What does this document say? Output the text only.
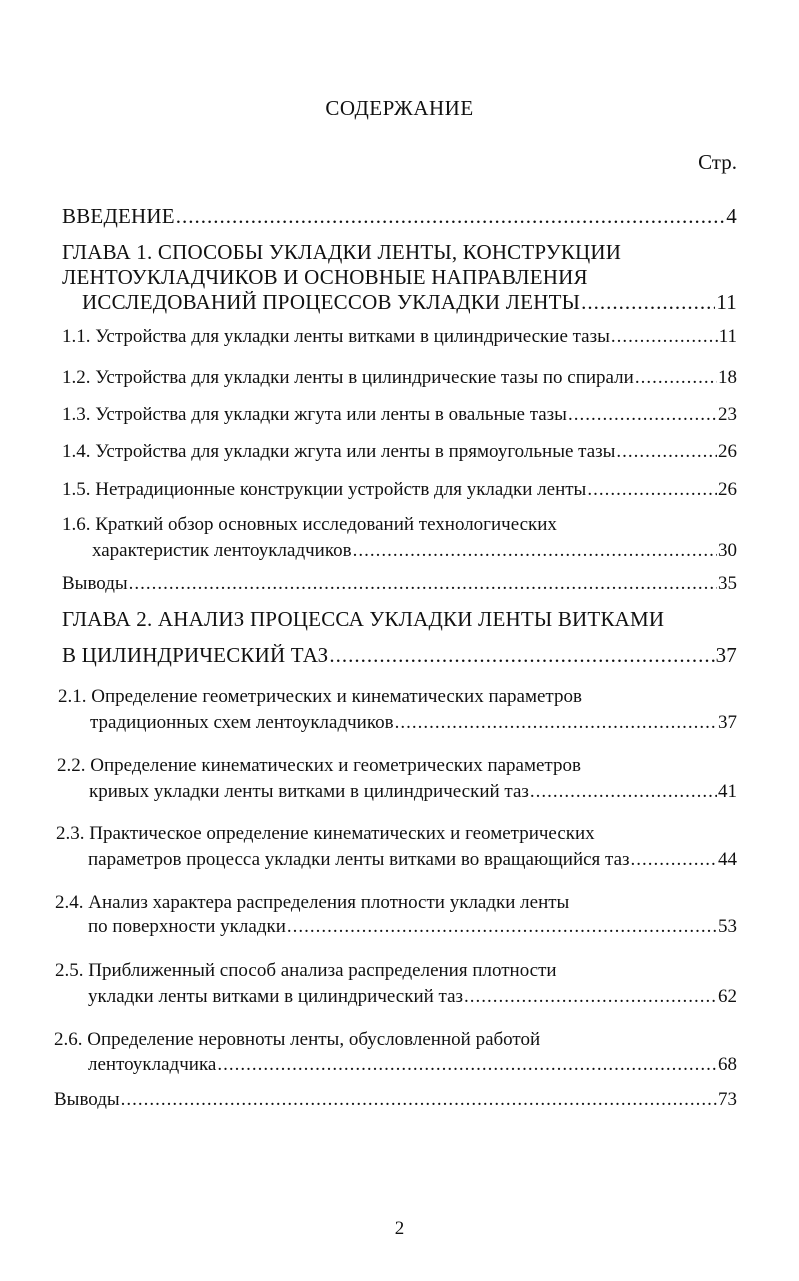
СОДЕРЖАНИЕ
Стр.
ВВЕДЕНИЕ .....	4
ГЛАВА 1. СПОСОБЫ УКЛАДКИ ЛЕНТЫ, КОНСТРУКЦИИ
ЛЕНТОУКЛАДЧИКОВ И ОСНОВНЫЕ НАПРАВЛЕНИЯ
ИССЛЕДОВАНИЙ ПРОЦЕССОВ УКЛАДКИ ЛЕНТЫ .....	11
1.1. Устройства для укладки ленты витками в цилиндрические тазы .....	11
1.2. Устройства для укладки ленты в цилиндрические тазы по спирали .....	18
1.3. Устройства для укладки жгута или ленты в овальные тазы .....	23
1.4. Устройства для укладки жгута или ленты в прямоугольные тазы .....	26
1.5. Нетрадиционные конструкции устройств для укладки ленты .....	26
1.6. Краткий обзор основных исследований технологических
характеристик лентоукладчиков .....	30
Выводы .....	35
ГЛАВА 2. АНАЛИЗ ПРОЦЕССА УКЛАДКИ ЛЕНТЫ ВИТКАМИ
В ЦИЛИНДРИЧЕСКИЙ ТАЗ .....	37
2.1. Определение геометрических и кинематических параметров
традиционных схем лентоукладчиков .....	37
2.2. Определение кинематических и геометрических параметров
кривых укладки ленты витками в цилиндрический таз .....	41
2.3. Практическое определение кинематических и геометрических
параметров процесса укладки ленты витками во вращающийся таз .....	44
2.4. Анализ характера распределения плотности укладки ленты
по поверхности укладки .....	53
2.5. Приближенный способ анализа распределения плотности
укладки ленты витками в цилиндрический таз .....	62
2.6. Определение неровноты ленты, обусловленной работой
лентоукладчика .....	68
Выводы .....	73
2
